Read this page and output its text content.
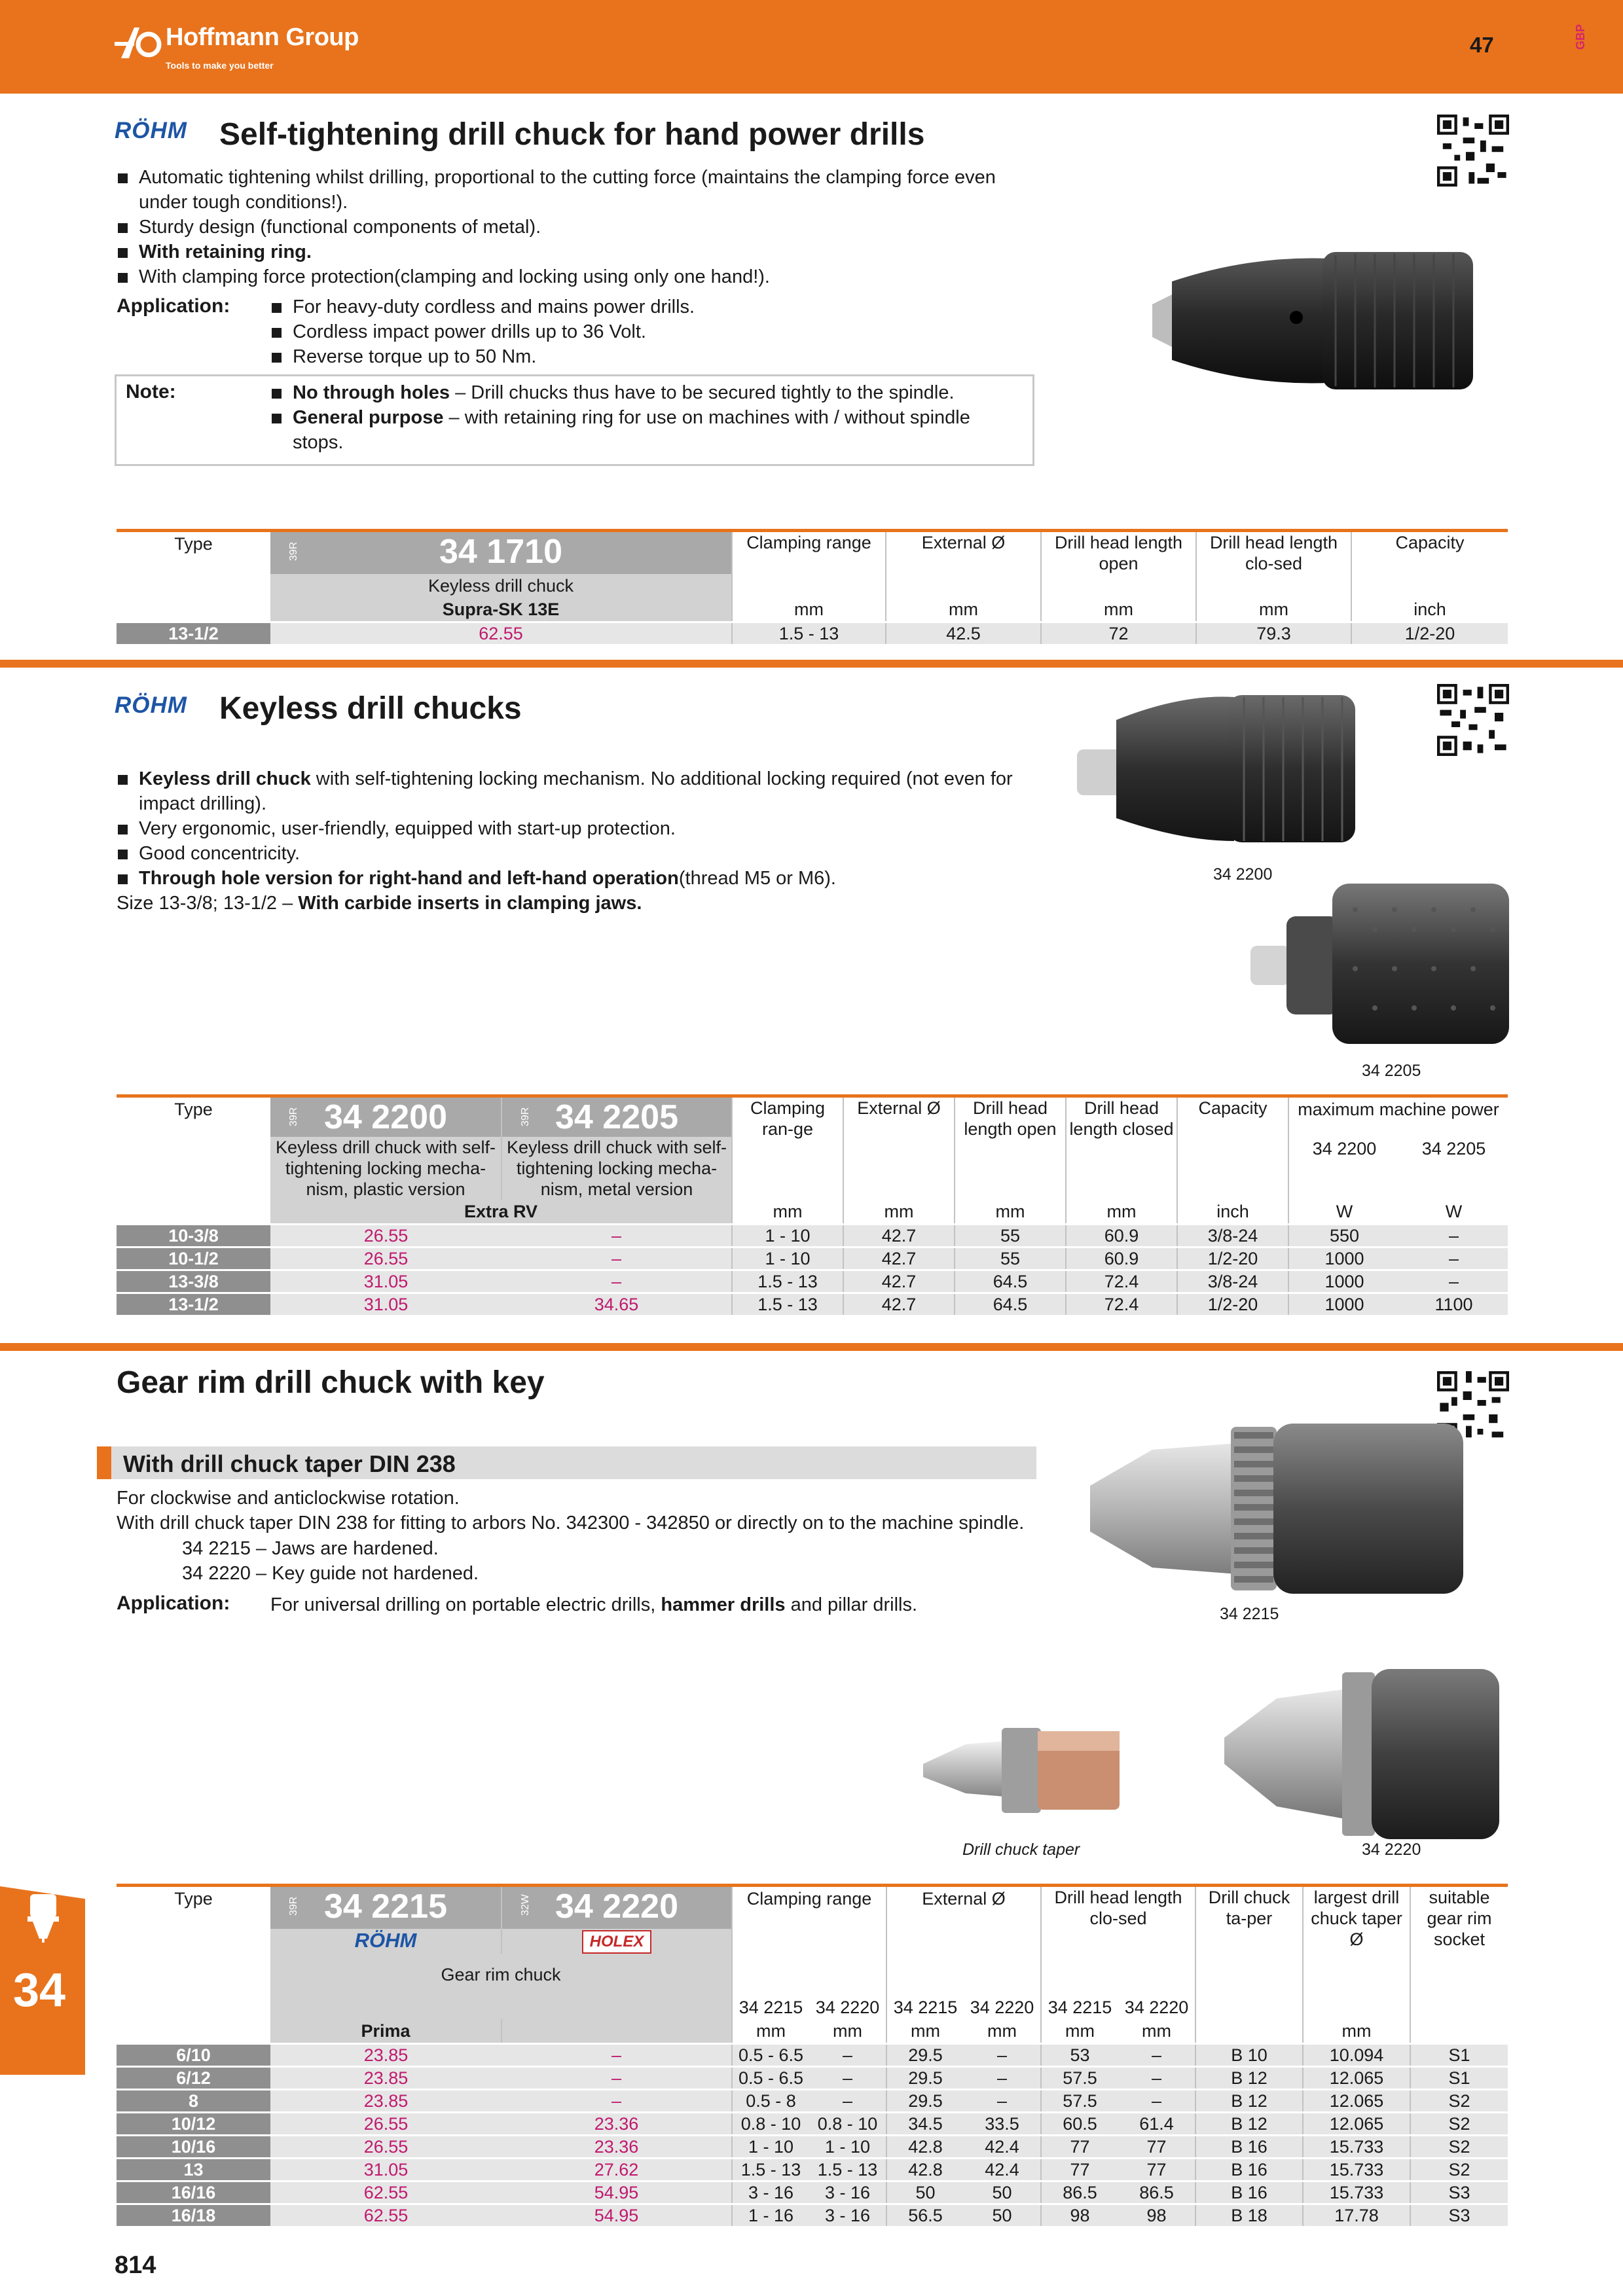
Hoffmann Group
Tools to make you better
47	GBP
RÖHM Self-tightening drill chuck for hand power drills
Automatic tightening whilst drilling, proportional to the cutting force (maintains the clamping force even under tough conditions!).
Sturdy design (functional components of metal).
With retaining ring.
With clamping force protection(clamping and locking using only one hand!).
Application:	For heavy-duty cordless and mains power drills.
Cordless impact power drills up to 36 Volt.
Reverse torque up to 50 Nm.
Note:	No through holes – Drill chucks thus have to be secured tightly to the spindle.
General purpose – with retaining ring for use on machines with / without spindle stops.
Type	39R 34 1710	Clamping range	External Ø	Drill head length open	Drill head length clo-sed	Capacity
	Keyless drill chuck					
	Supra-SK 13E	mm	mm	mm	mm	inch
13-1/2	62.55	1.5 - 13	42.5	72	79.3	1/2-20
RÖHM Keyless drill chucks
Keyless drill chuck with self-tightening locking mechanism. No additional locking required (not even for impact drilling).
Very ergonomic, user-friendly, equipped with start-up protection.
Good concentricity.
Through hole version for right-hand and left-hand operation(thread M5 or M6).
Size 13-3/8; 13-1/2 – With carbide inserts in clamping jaws.
34 2200
34 2205
Type	39R 34 2200	39R 34 2205	Clamping ran-ge	External Ø	Drill head length open	Drill head length closed	Capacity	maximum machine power	
	Keyless drill chuck with self-tightening locking mecha-nism, plastic version	Keyless drill chuck with self-tightening locking mecha-nism, metal version							
								34 2200	34 2205
	Extra RV		mm	mm	mm	mm	inch	W	W
10-3/8	26.55	–	1 - 10	42.7	55	60.9	3/8-24	550	–
10-1/2	26.55	–	1 - 10	42.7	55	60.9	1/2-20	1000	–
13-3/8	31.05	–	1.5 - 13	42.7	64.5	72.4	3/8-24	1000	–
13-1/2	31.05	34.65	1.5 - 13	42.7	64.5	72.4	1/2-20	1000	1100
Gear rim drill chuck with key
With drill chuck taper DIN 238
For clockwise and anticlockwise rotation.
With drill chuck taper DIN 238 for fitting to arbors No. 342300 - 342850 or directly on to the machine spindle.
34 2215 – Jaws are hardened.
34 2220 – Key guide not hardened.
Application: For universal drilling on portable electric drills, hammer drills and pillar drills.	34 2215
Drill chuck taper	34 2220
Type	39R 34 2215	32W 34 2220	Clamping range		External Ø		Drill head length clo-sed		Drill chuck ta-per	largest drill chuck taper Ø	suitable gear rim socket
	RÖHM	HOLEX									
	Gear rim chuck										
			34 2215	34 2220	34 2215	34 2220	34 2215	34 2220			
	Prima		mm	mm	mm	mm	mm	mm		mm	
6/10	23.85	–	0.5 - 6.5	–	29.5	–	53	–	B 10	10.094	S1
6/12	23.85	–	0.5 - 6.5	–	29.5	–	57.5	–	B 12	12.065	S1
8	23.85	–	0.5 - 8	–	29.5	–	57.5	–	B 12	12.065	S2
10/12	26.55	23.36	0.8 - 10	0.8 - 10	34.5	33.5	60.5	61.4	B 12	12.065	S2
10/16	26.55	23.36	1 - 10	1 - 10	42.8	42.4	77	77	B 16	15.733	S2
13	31.05	27.62	1.5 - 13	1.5 - 13	42.8	42.4	77	77	B 16	15.733	S2
16/16	62.55	54.95	3 - 16	3 - 16	50	50	86.5	86.5	B 16	15.733	S3
16/18	62.55	54.95	1 - 16	3 - 16	56.5	50	98	98	B 18	17.78	S3
34
814
